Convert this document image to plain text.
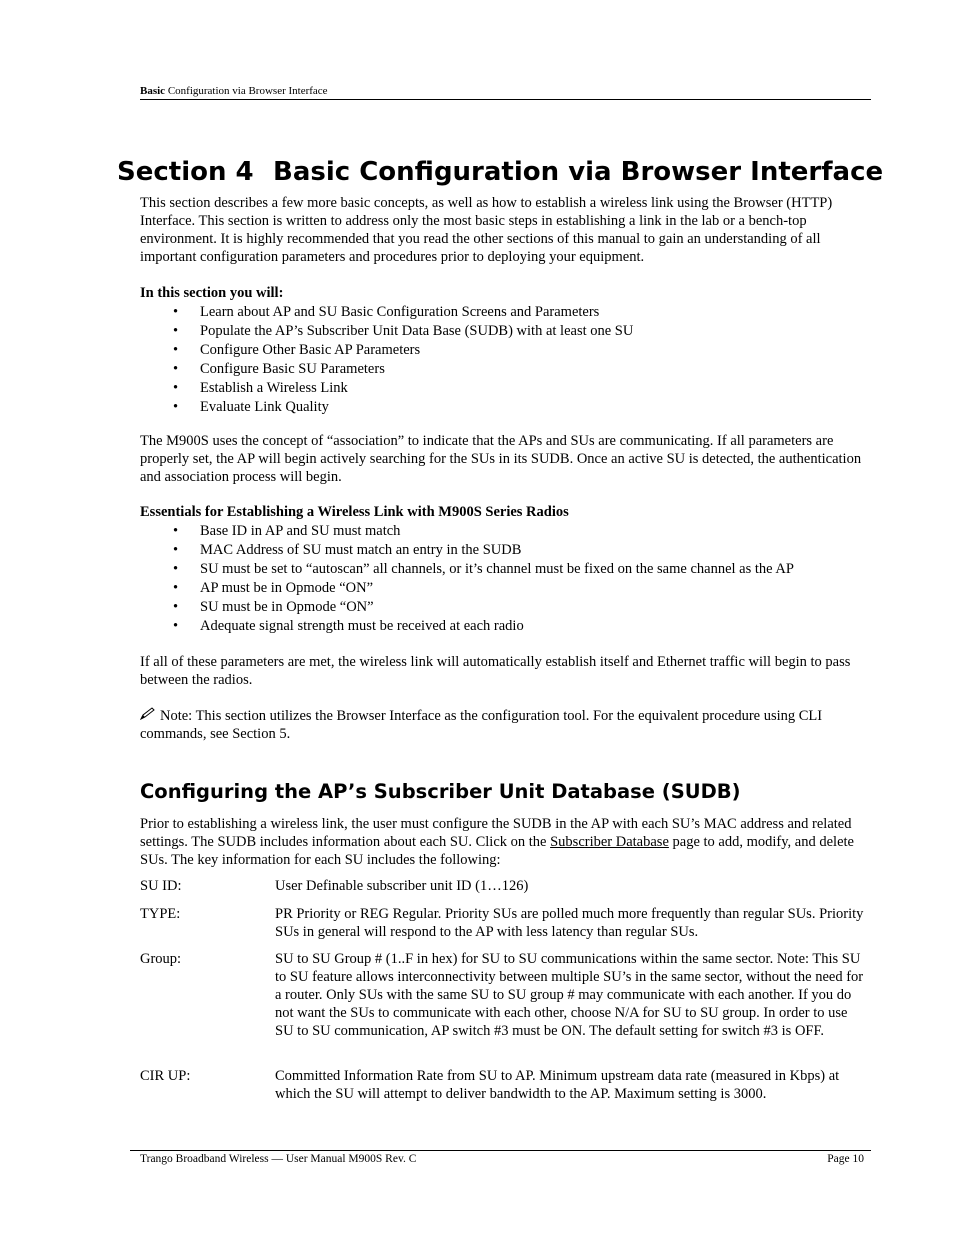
Basic Configuration via Browser Interface
Section 4 Basic Configuration via Browser Interface

This section describes a few more basic concepts, as well as how to establish a wireless link using the Browser (HTTP) Interface. This section is written to address only the most basic steps in establishing a link in the lab or a bench-top environment. It is highly recommended that you read the other sections of this manual to gain an understanding of all important configuration parameters and procedures prior to deploying your equipment.

In this section you will:

• Learn about AP and SU Basic Configuration Screens and Parameters
• Populate the AP’s Subscriber Unit Data Base (SUDB) with at least one SU
• Configure Other Basic AP Parameters
• Configure Basic SU Parameters
• Establish a Wireless Link
• Evaluate Link Quality

The M900S uses the concept of “association” to indicate that the APs and SUs are communicating. If all parameters are properly set, the AP will begin actively searching for the SUs in its SUDB. Once an active SU is detected, the authentication and association process will begin.

Essentials for Establishing a Wireless Link with M900S Series Radios

• Base ID in AP and SU must match
• MAC Address of SU must match an entry in the SUDB
• SU must be set to “autoscan” all channels, or it’s channel must be fixed on the same channel as the AP
• AP must be in Opmode “ON”
• SU must be in Opmode “ON”
• Adequate signal strength must be received at each radio

If all of these parameters are met, the wireless link will automatically establish itself and Ethernet traffic will begin to pass between the radios.

Note: This section utilizes the Browser Interface as the configuration tool. For the equivalent procedure using CLI commands, see Section 5.

Configuring the AP’s Subscriber Unit Database (SUDB)

Prior to establishing a wireless link, the user must configure the SUDB in the AP with each SU’s MAC address and related settings. The SUDB includes information about each SU. Click on the Subscriber Database page to add, modify, and delete SUs. The key information for each SU includes the following:

SU ID:	User Definable subscriber unit ID (1…126)
TYPE:	PR Priority or REG Regular. Priority SUs are polled much more frequently than regular SUs. Priority SUs in general will respond to the AP with less latency than regular SUs.
Group:	SU to SU Group # (1..F in hex) for SU to SU communications within the same sector. Note: This SU to SU feature allows interconnectivity between multiple SU’s in the same sector, without the need for a router. Only SUs with the same SU to SU group # may communicate with each another. If you do not want the SUs to communicate with each other, choose N/A for SU to SU group. In order to use SU to SU communication, AP switch #3 must be ON. The default setting for switch #3 is OFF.
CIR UP:	Committed Information Rate from SU to AP. Minimum upstream data rate (measured in Kbps) at which the SU will attempt to deliver bandwidth to the AP. Maximum setting is 3000.
Trango Broadband Wireless — User Manual M900S Rev. C	Page 10
